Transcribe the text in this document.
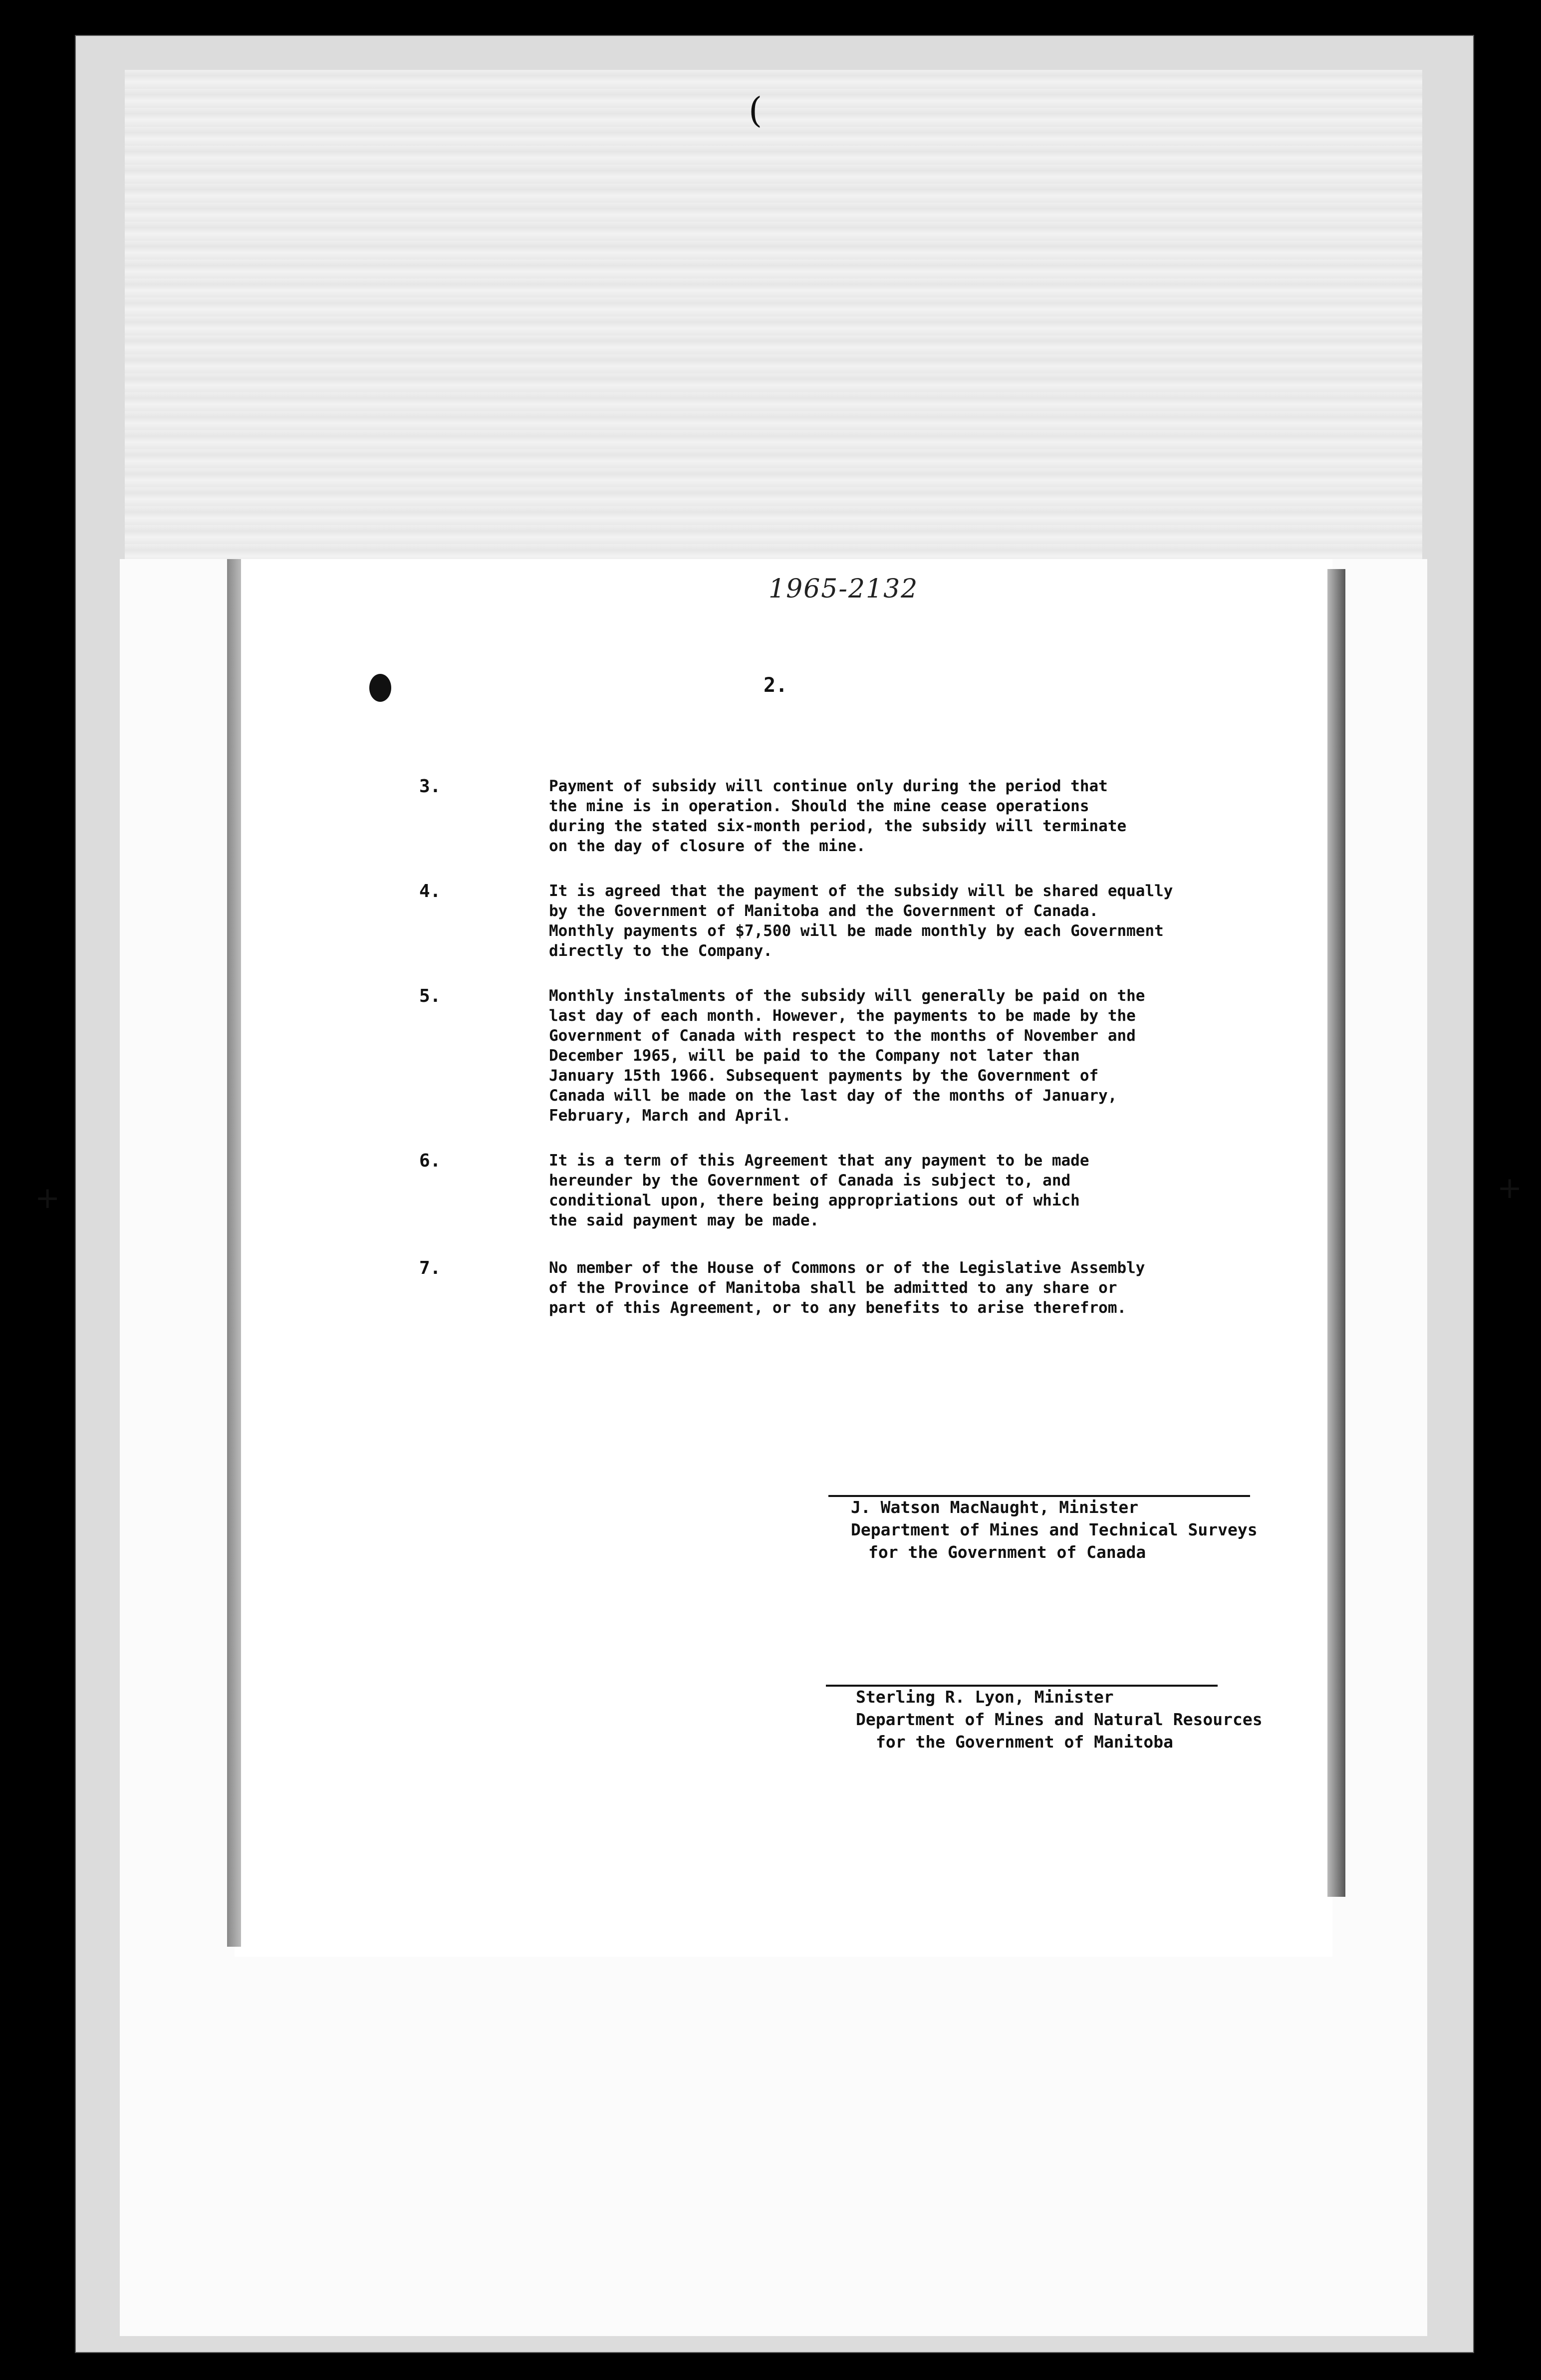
(
1965-2132
2.
3.	Payment of subsidy will continue only during the period that
the mine is in operation. Should the mine cease operations
during the stated six-month period, the subsidy will terminate
on the day of closure of the mine.
4.	It is agreed that the payment of the subsidy will be shared equally
by the Government of Manitoba and the Government of Canada.
Monthly payments of $7,500 will be made monthly by each Government
directly to the Company.
5.	Monthly instalments of the subsidy will generally be paid on the
last day of each month. However, the payments to be made by the
Government of Canada with respect to the months of November and
December 1965, will be paid to the Company not later than
January 15th 1966. Subsequent payments by the Government of
Canada will be made on the last day of the months of January,
February, March and April.
6.	It is a term of this Agreement that any payment to be made
hereunder by the Government of Canada is subject to, and
conditional upon, there being appropriations out of which
the said payment may be made.
7.	No member of the House of Commons or of the Legislative Assembly
of the Province of Manitoba shall be admitted to any share or
part of this Agreement, or to any benefits to arise therefrom.
J. Watson MacNaught, Minister
Department of Mines and Technical Surveys
for the Government of Canada
Sterling R. Lyon, Minister
Department of Mines and Natural Resources
for the Government of Manitoba
+	+
